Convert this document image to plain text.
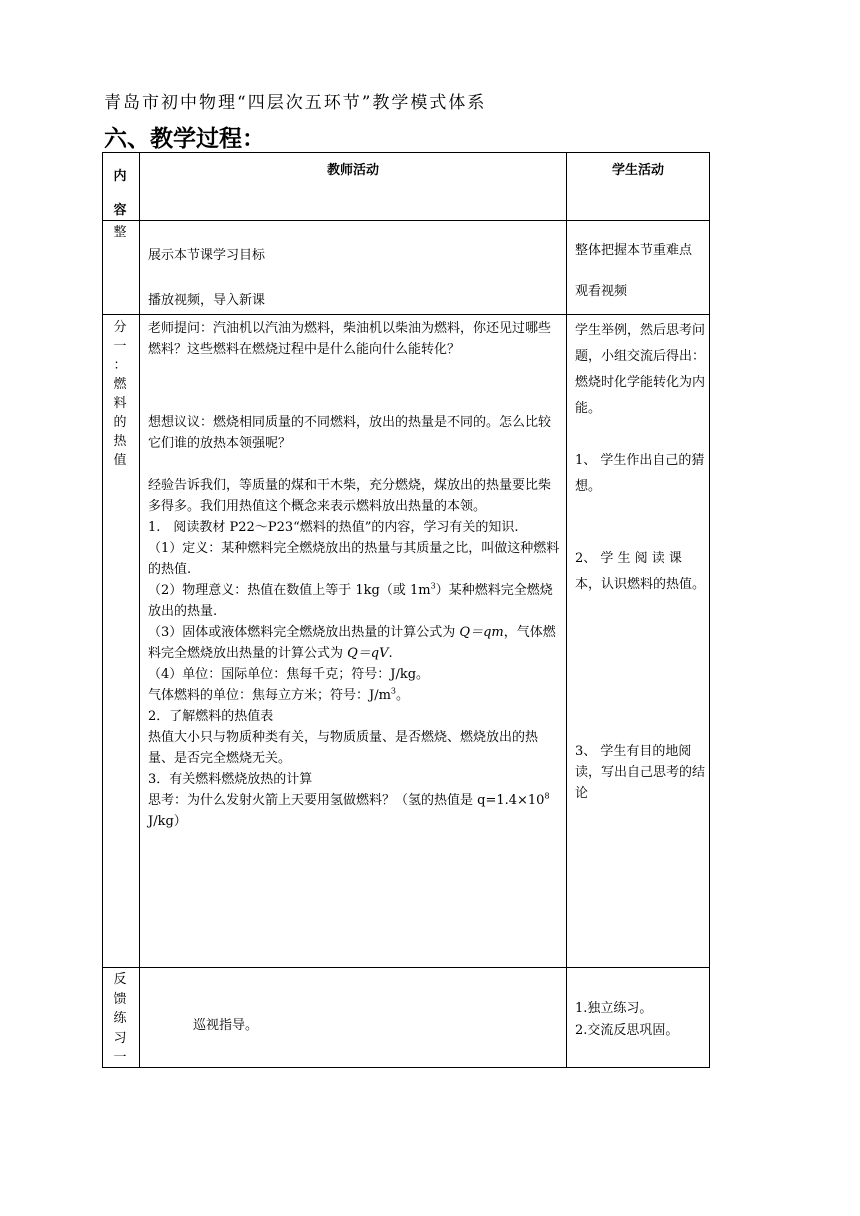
青岛市初中物理“四层次五环节”教学模式体系
六、教学过程：
内
容
教师活动	学生活动
整
展示本节课学习目标
播放视频，导入新课
整体把握本节重难点
观看视频
分
一
：
燃
料
的
热
值

老师提问：汽油机以汽油为燃料，柴油机以柴油为燃料，你还见过哪些燃料？这些燃料在燃烧过程中是什么能向什么能转化？

想想议议：燃烧相同质量的不同燃料，放出的热量是不同的。怎么比较它们谁的放热本领强呢？

经验告诉我们，等质量的煤和干木柴，充分燃烧，煤放出的热量要比柴多得多。我们用热值这个概念来表示燃料放出热量的本领。

1.　阅读教材 P22～P23“燃料的热值”的内容，学习有关的知识.

（1）定义：某种燃料完全燃烧放出的热量与其质量之比，叫做这种燃料的热值.

（2）物理意义：热值在数值上等于 1kg（或 $1m^3$）某种燃料完全燃烧放出的热量.

（3）固体或液体燃料完全燃烧放出热量的计算公式为 Q＝qm，气体燃料完全燃烧放出热量的计算公式为 Q＝qV.

（4）单位：国际单位：焦每千克；符号：J/kg。

气体燃料的单位：焦每立方米；符号：$J/m^3$。

2．了解燃料的热值表

热值大小只与物质种类有关，与物质质量、是否燃烧、燃烧放出的热量、是否完全燃烧无关。

3．有关燃料燃烧放热的计算

思考：为什么发射火箭上天要用氢做燃料？（氢的热值是 $q=1.4\times 10^8$ J/kg）

学生举例，然后思考问题，小组交流后得出：燃烧时化学能转化为内能。
1、 学生作出自己的猜想。
2、 学 生 阅 读 课 本，认识燃料的热值。
3、 学生有目的地阅读，写出自己思考的结论
反
馈
练
习
一
巡视指导。
1.独立练习。
2.交流反思巩固。
